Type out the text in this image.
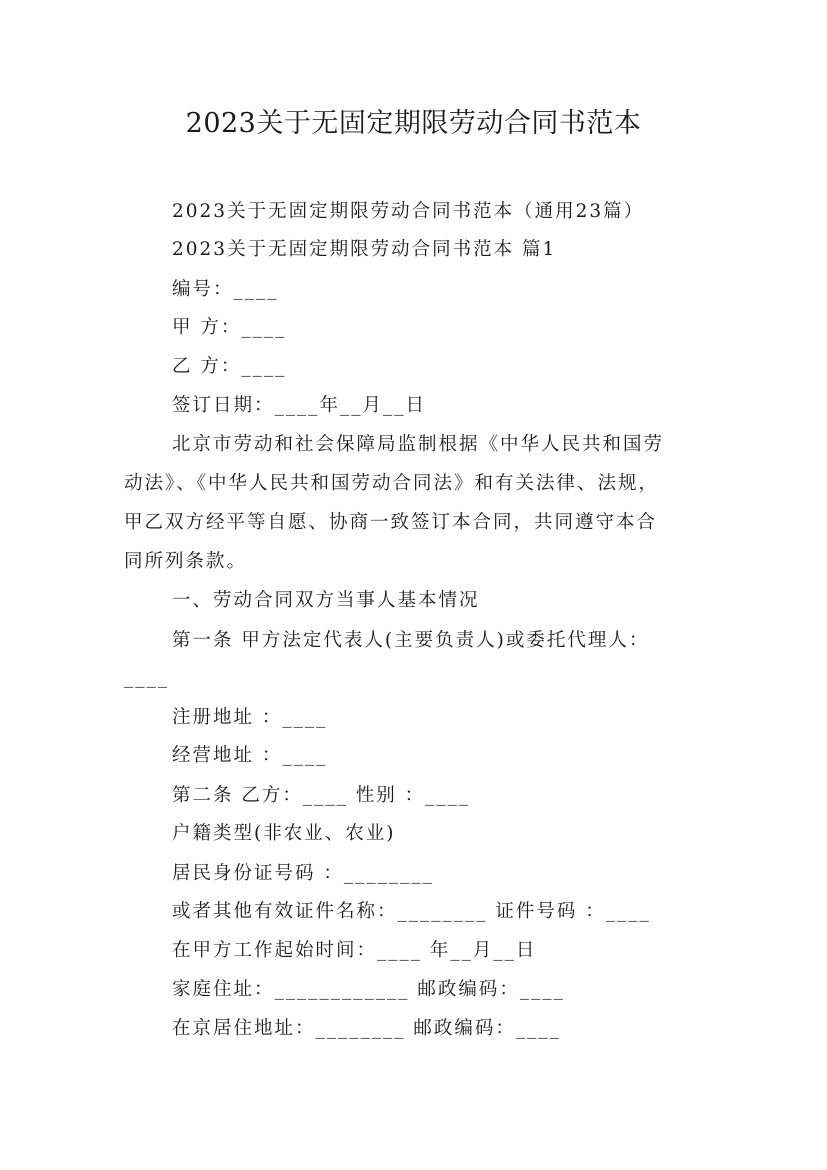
2023关于无固定期限劳动合同书范本
2023关于无固定期限劳动合同书范本（通用23篇）
2023关于无固定期限劳动合同书范本 篇1
编号：____
甲 方：____
乙 方：____
签订日期：____年__月__日
北京市劳动和社会保障局监制根据《中华人民共和国劳
动法》、《中华人民共和国劳动合同法》和有关法律、法规，
甲乙双方经平等自愿、协商一致签订本合同，共同遵守本合
同所列条款。
一、劳动合同双方当事人基本情况
第一条 甲方法定代表人(主要负责人)或委托代理人：
____
注册地址 ：____
经营地址 ：____
第二条 乙方：____ 性别 ：____
户籍类型(非农业、农业)
居民身份证号码 ：________
或者其他有效证件名称：________ 证件号码 ：____
在甲方工作起始时间：____ 年__月__日
家庭住址：____________ 邮政编码：____
在京居住地址：________ 邮政编码：____
